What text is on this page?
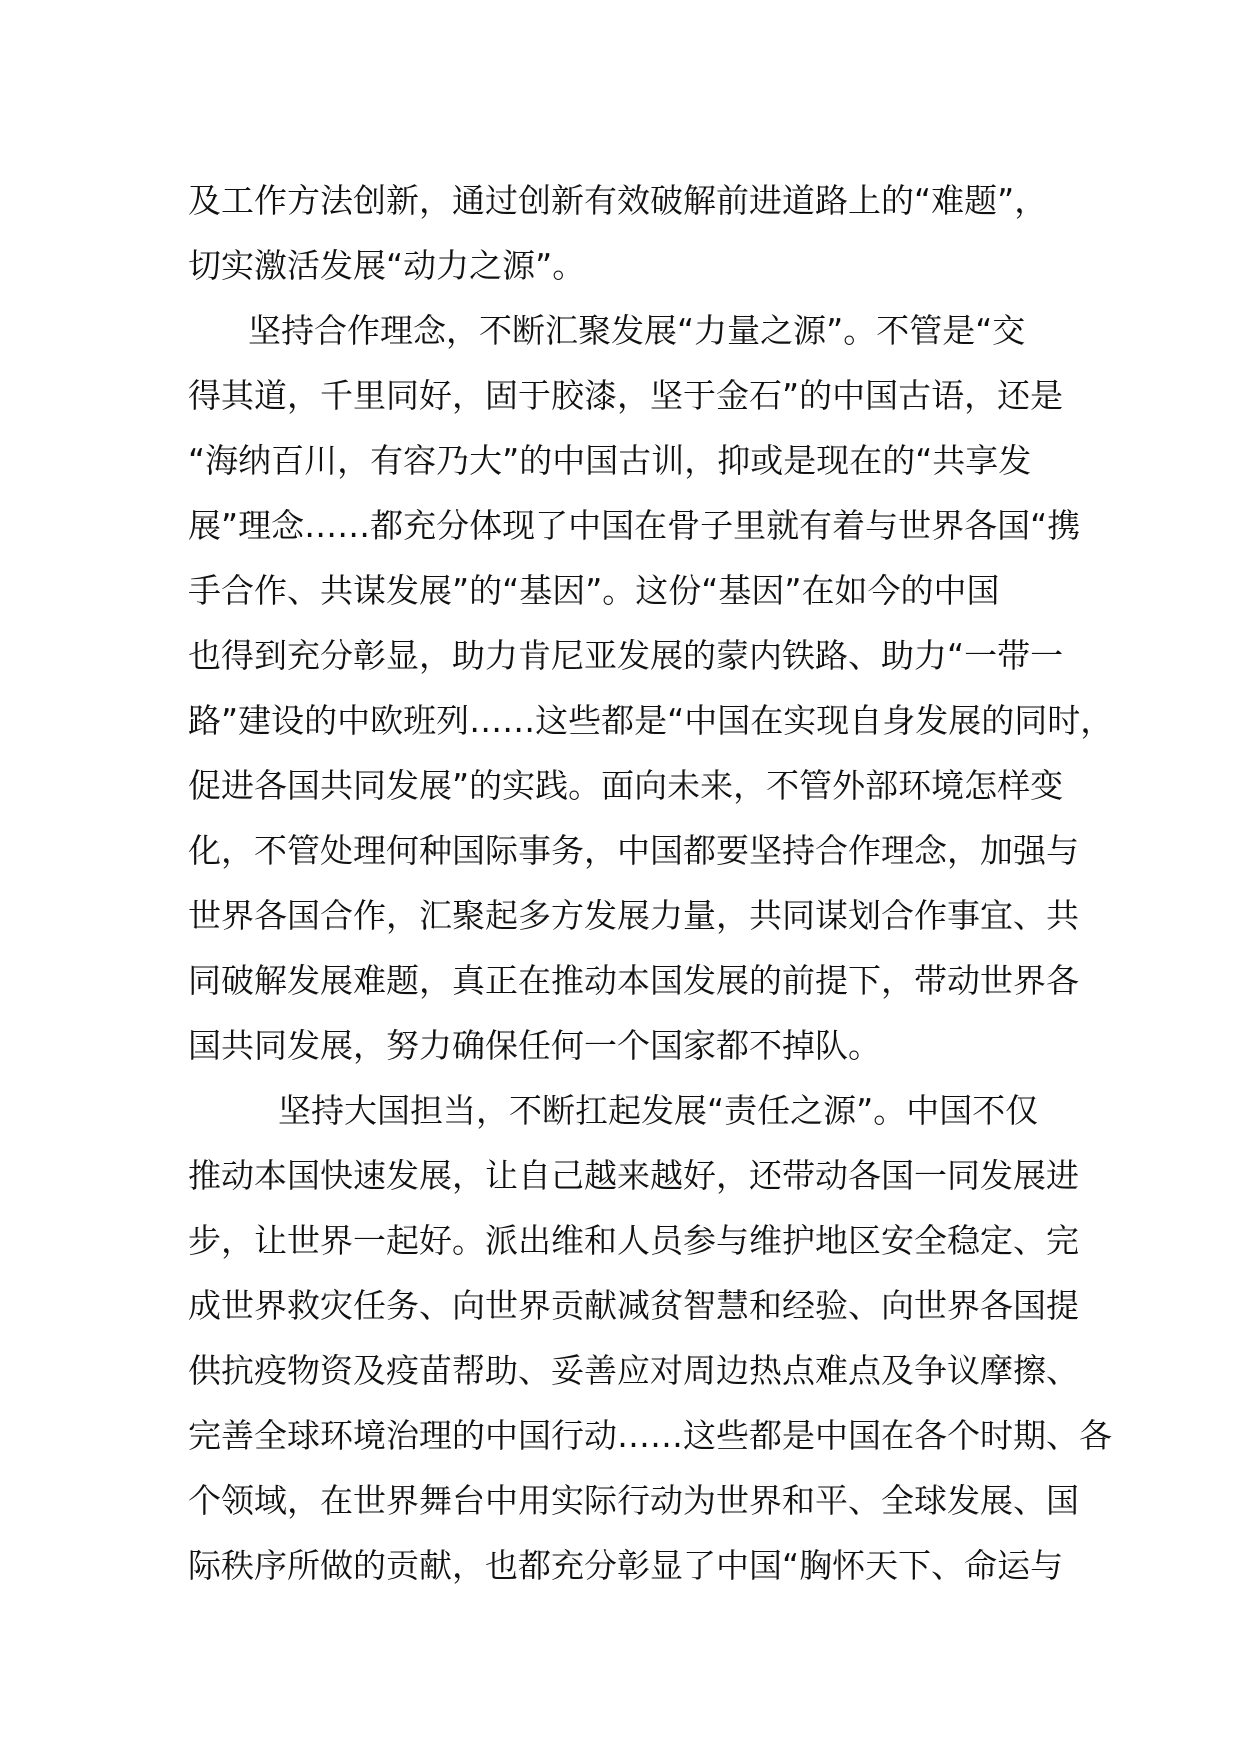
及工作方法创新，通过创新有效破解前进道路上的“难题”，
切实激活发展“动力之源”。
坚持合作理念，不断汇聚发展“力量之源”。不管是“交
得其道，千里同好，固于胶漆，坚于金石”的中国古语，还是
“海纳百川，有容乃大”的中国古训，抑或是现在的“共享发
展”理念……都充分体现了中国在骨子里就有着与世界各国“携
手合作、共谋发展”的“基因”。这份“基因”在如今的中国
也得到充分彰显，助力肯尼亚发展的蒙内铁路、助力“一带一
路”建设的中欧班列……这些都是“中国在实现自身发展的同时，
促进各国共同发展”的实践。面向未来，不管外部环境怎样变
化，不管处理何种国际事务，中国都要坚持合作理念，加强与
世界各国合作，汇聚起多方发展力量，共同谋划合作事宜、共
同破解发展难题，真正在推动本国发展的前提下，带动世界各
国共同发展，努力确保任何一个国家都不掉队。
坚持大国担当，不断扛起发展“责任之源”。中国不仅
推动本国快速发展，让自己越来越好，还带动各国一同发展进
步，让世界一起好。派出维和人员参与维护地区安全稳定、完
成世界救灾任务、向世界贡献减贫智慧和经验、向世界各国提
供抗疫物资及疫苗帮助、妥善应对周边热点难点及争议摩擦、
完善全球环境治理的中国行动……这些都是中国在各个时期、各
个领域，在世界舞台中用实际行动为世界和平、全球发展、国
际秩序所做的贡献，也都充分彰显了中国“胸怀天下、命运与
